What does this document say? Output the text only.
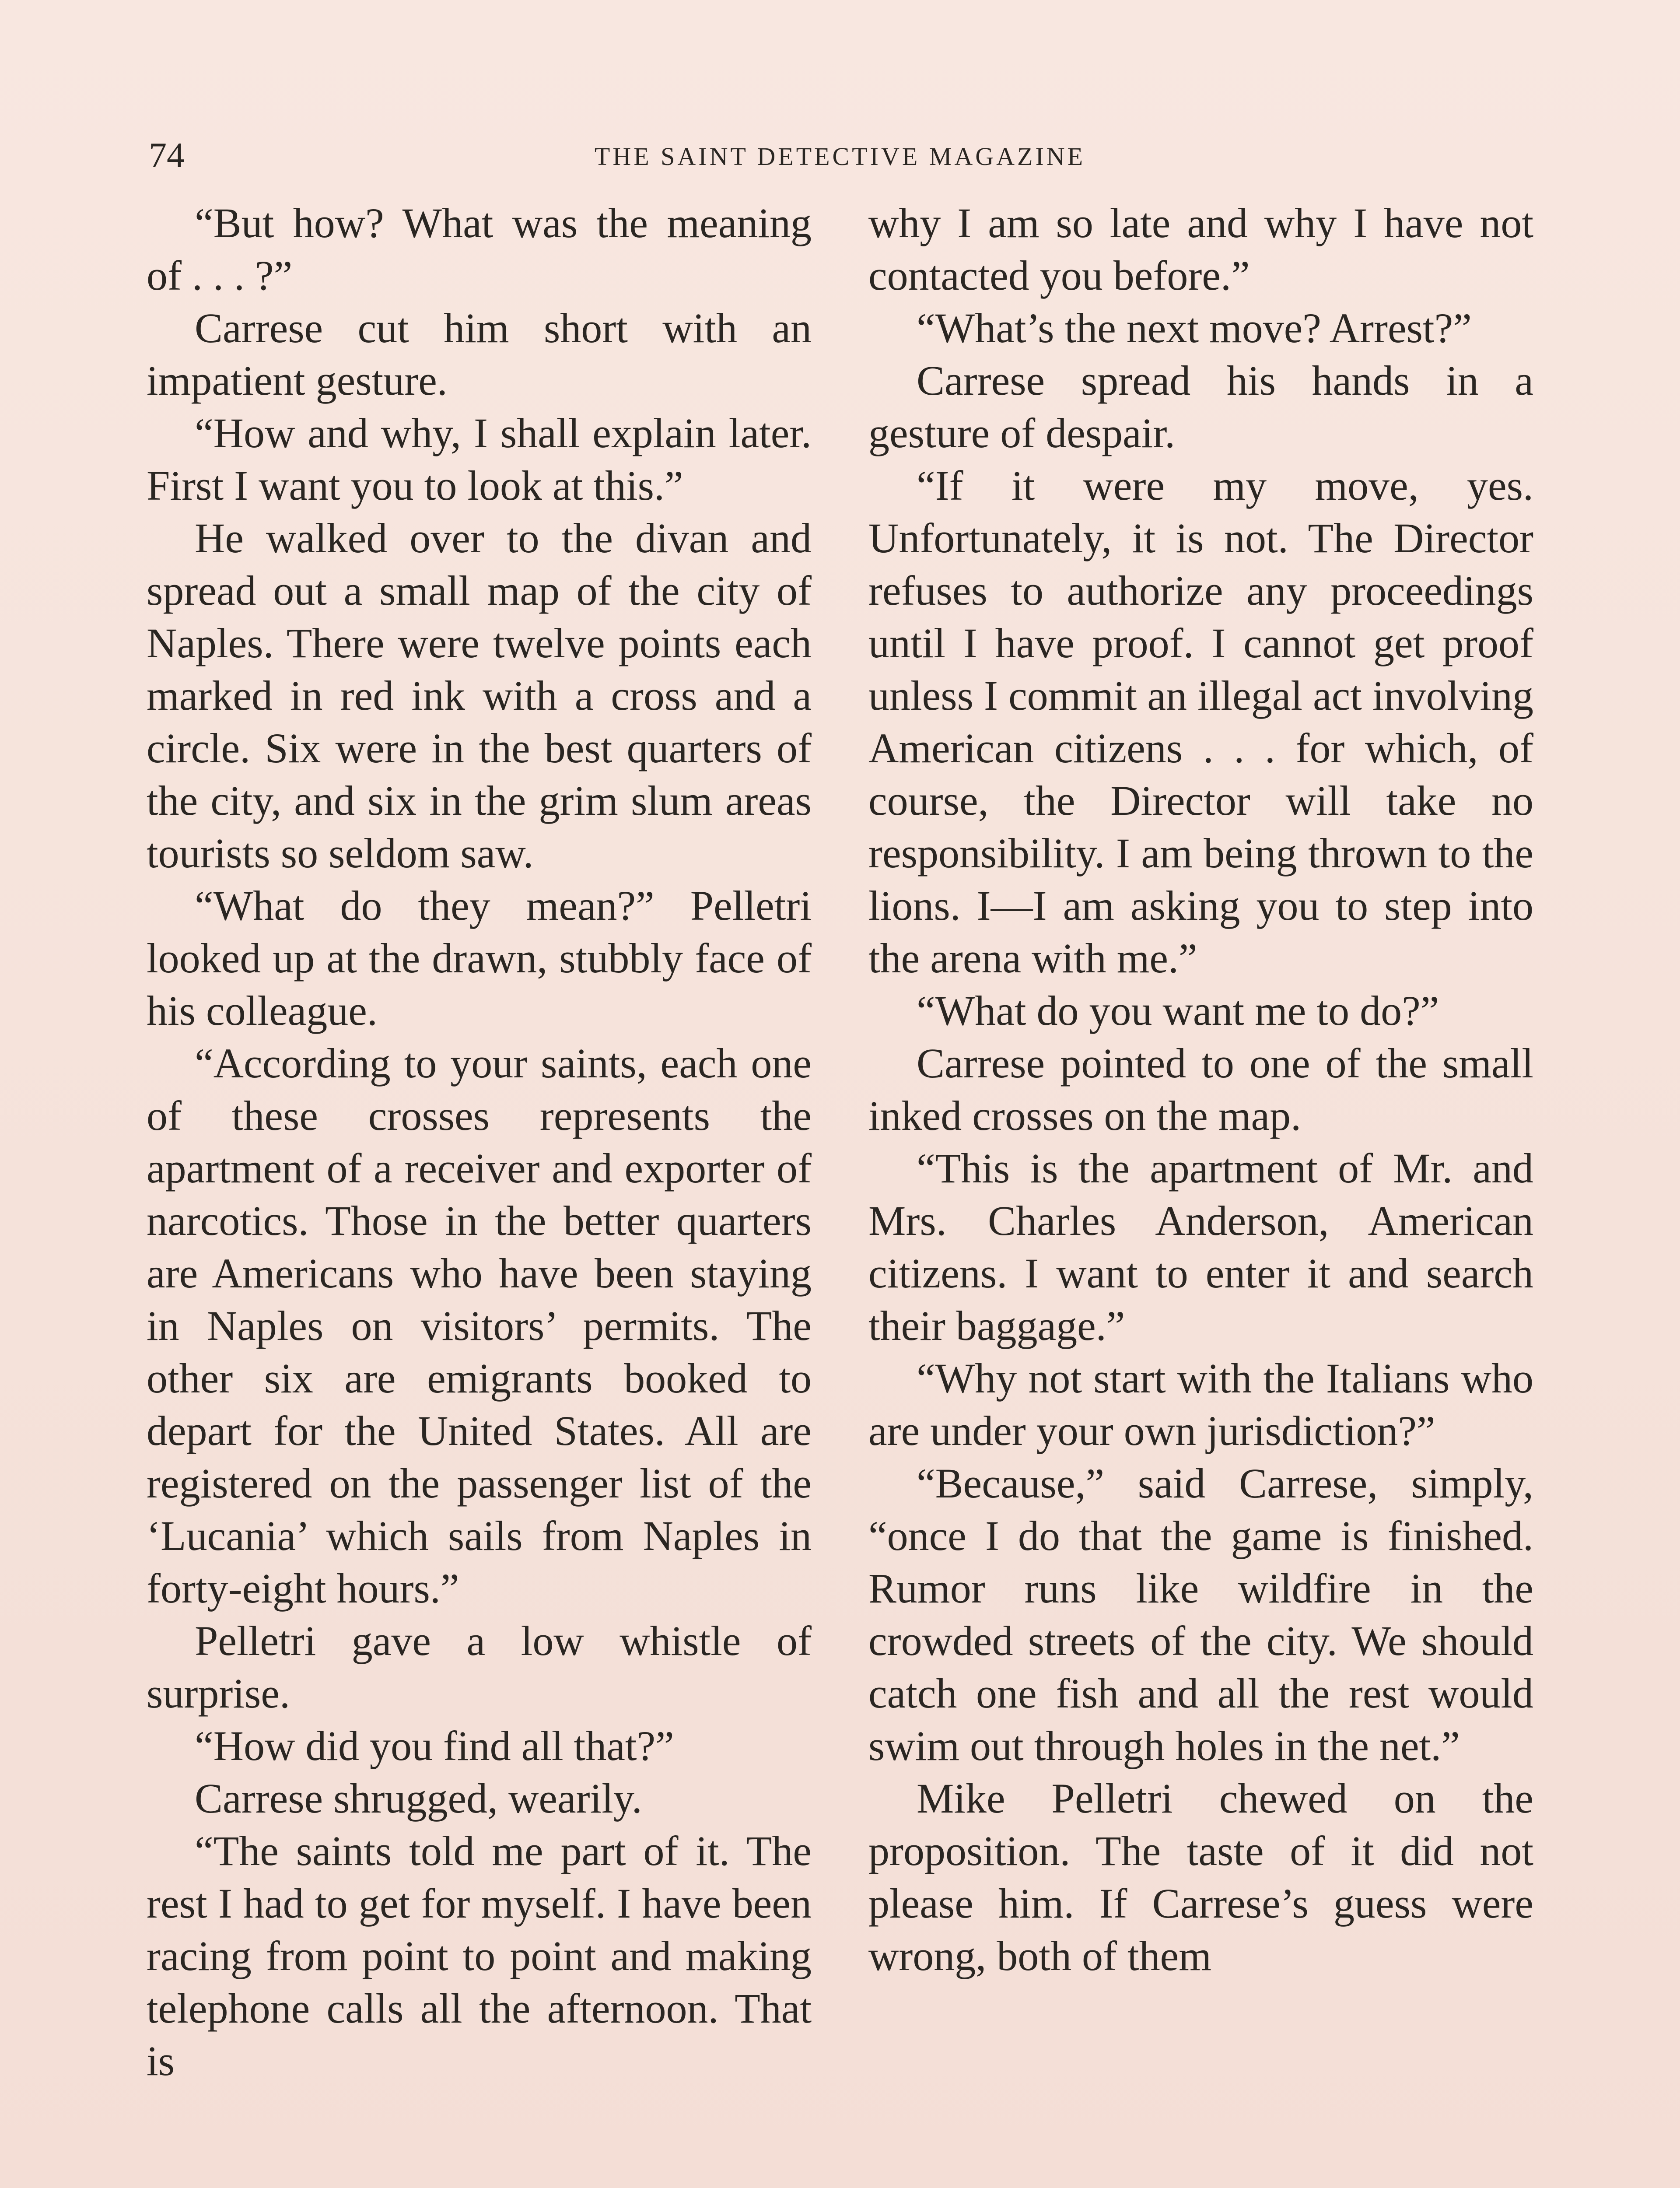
74	THE SAINT DETECTIVE MAGAZINE

“But how? What was the meaning of . . . ?”

Carrese cut him short with an impatient gesture.

“How and why, I shall explain later. First I want you to look at this.”

He walked over to the divan and spread out a small map of the city of Naples. There were twelve points each marked in red ink with a cross and a circle. Six were in the best quarters of the city, and six in the grim slum areas tourists so seldom saw.

“What do they mean?” Pelletri looked up at the drawn, stubbly face of his colleague.

“According to your saints, each one of these crosses represents the apartment of a receiver and exporter of narcotics. Those in the better quarters are Americans who have been staying in Naples on visitors’ permits. The other six are emigrants booked to depart for the United States. All are registered on the passenger list of the ‘Lucania’ which sails from Naples in forty-eight hours.”

Pelletri gave a low whistle of surprise.

“How did you find all that?”

Carrese shrugged, wearily.

“The saints told me part of it. The rest I had to get for myself. I have been racing from point to point and making telephone calls all the afternoon. That is

why I am so late and why I have not contacted you before.”

“What’s the next move? Arrest?”

Carrese spread his hands in a gesture of despair.

“If it were my move, yes. Unfortunately, it is not. The Director refuses to authorize any proceedings until I have proof. I cannot get proof unless I commit an illegal act involving American citizens . . . for which, of course, the Director will take no responsibility. I am being thrown to the lions. I—I am asking you to step into the arena with me.”

“What do you want me to do?”

Carrese pointed to one of the small inked crosses on the map.

“This is the apartment of Mr. and Mrs. Charles Anderson, American citizens. I want to enter it and search their baggage.”

“Why not start with the Italians who are under your own jurisdiction?”

“Because,” said Carrese, simply, “once I do that the game is finished. Rumor runs like wildfire in the crowded streets of the city. We should catch one fish and all the rest would swim out through holes in the net.”

Mike Pelletri chewed on the proposition. The taste of it did not please him. If Carrese’s guess were wrong, both of them
